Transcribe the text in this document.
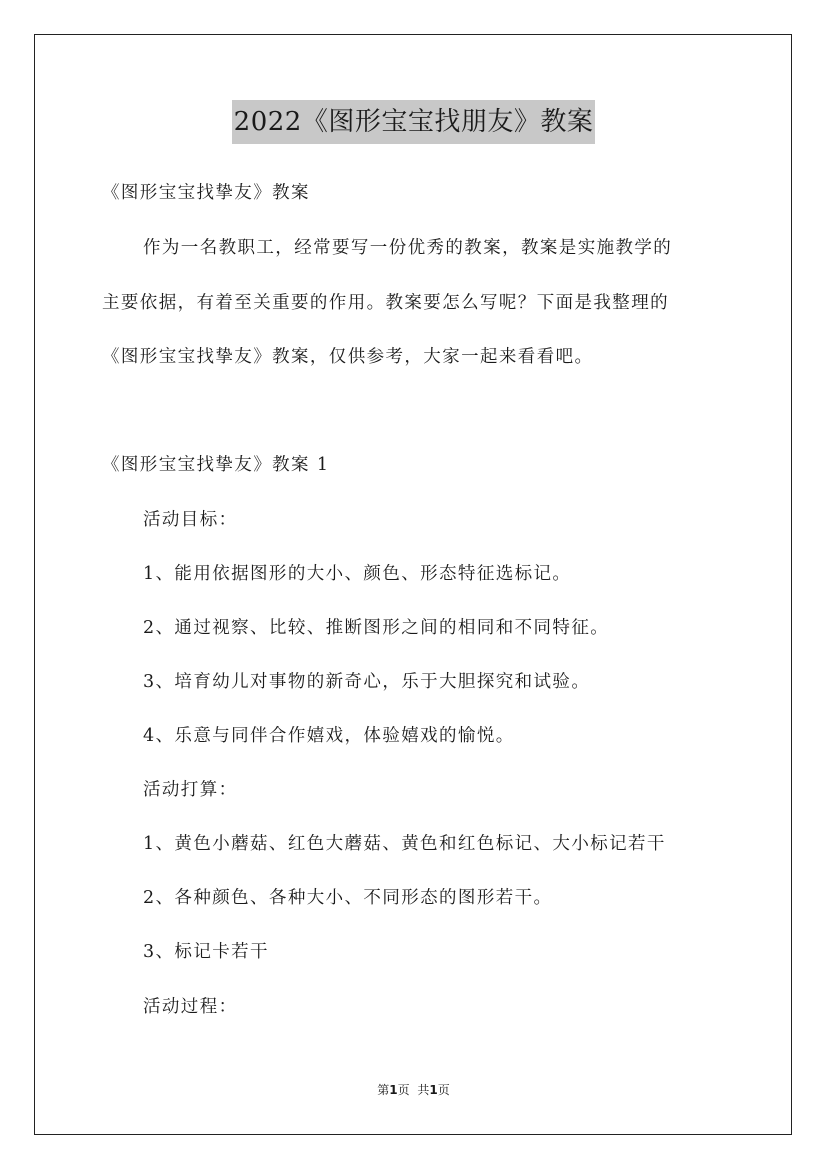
2022《图形宝宝找朋友》教案
《图形宝宝找挚友》教案
作为一名教职工，经常要写一份优秀的教案，教案是实施教学的
主要依据，有着至关重要的作用。教案要怎么写呢？下面是我整理的
《图形宝宝找挚友》教案，仅供参考，大家一起来看看吧。
《图形宝宝找挚友》教案 1
活动目标：
1、能用依据图形的大小、颜色、形态特征选标记。
2、通过视察、比较、推断图形之间的相同和不同特征。
3、培育幼儿对事物的新奇心，乐于大胆探究和试验。
4、乐意与同伴合作嬉戏，体验嬉戏的愉悦。
活动打算：
1、黄色小蘑菇、红色大蘑菇、黄色和红色标记、大小标记若干
2、各种颜色、各种大小、不同形态的图形若干。
3、标记卡若干
活动过程：
第1页 共1页
